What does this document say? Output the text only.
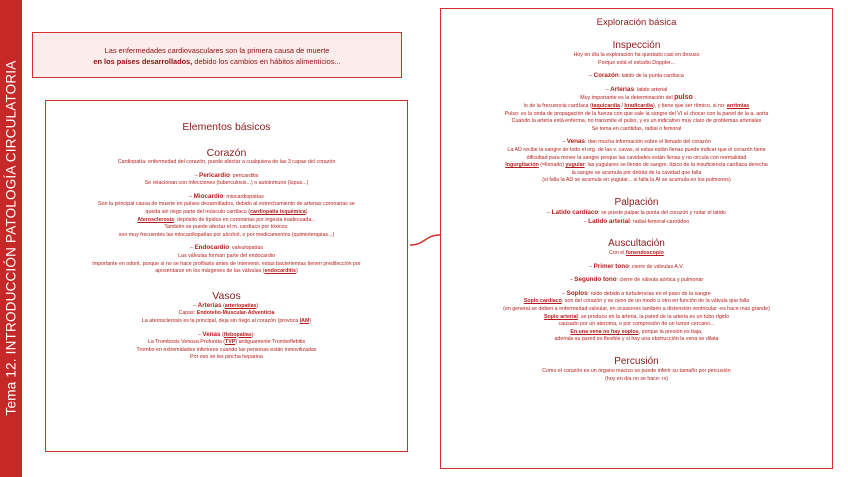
Tema 12. INTRODUCCIÓN PATOLOGÍA CIRCULATORIA
Las enfermedades cardiovasculares son la primera causa de muerte
en los países desarrollados, debido los cambios en hábitos alimenticios...
Elementos básicos
Corazón
Cardiopatía: enfermedad del corazón, puede afectar a cualquiera de las 3 capas del corazón
– Pericardio: pericarditis
Se relacionan con infecciones (tuberculosis...) o autoinmune (lupus...)
– Miocardio: miocardiopatías
Son la principal causa de muerte en países desarrollados, debido al estrechamiento de arterias coronarias se
queda sin riego parte del músculo cardíaco (cardiopatía isquémica)
Aterosclerosis: depósito de lípidos en coronarias por ingesta inadecuada...
También se puede afectar el m. cardíaco por tóxicos:
son muy frecuentes las miocardiopatías por alcohol, o por medicamentos (quimioterapias...)
– Endocardio: valvulopatías
Las válvulas forman parte del endocardio
Importante en odont. porque si no se hace profilaxis antes de intervenir, estas bacteriemias tienen predilección por
aposentarse en los márgenes de las válvulas (endocarditis)
Vasos
– Arterias (arteriopatías):
Capas: Endotelio-Muscular-Adventicia
La aterosclerosis es la principal, deja sin riego al corazón (provoca IAM)
– Venas (flebopatías):
La Trombosis Venosa Profunda (TVP) antiguamente Tromboflebitis
Trombo en extremidades inferiores cuando las personas están inmovilizadas
Por eso se les pincha heparina
Exploración básica
Inspección
Hoy en día la exploración ha quedado casi en desuso
Porque está el estudio Doppler...
– Corazón: latido de la punta cardíaca
– Arterias: latido arterial
Muy importante es la determinación del pulso
lo de la frecuencia cardíaca (taquicardia / bradicardia), y tiene que ser rítmico, si no: arritmias
Pulso: es la onda de propagación de la fuerza con que sale la sangre del VI al chocar con la pared de la a. aorta
Cuando la arteria está enferma, no transmite el pulso, y es un indicativo muy claro de problemas arteriales
Se toma en carótidas, radial o femoral
– Venas: dan mucha información sobre el llenado del corazón
La AD recibe la sangre de todo el org. de las v. cavas, si estas están llenas puede indicar que el corazón tiene
dificultad para mover la sangre porque las cavidades están llenas y no circula con normalidad
Ingurgitación (=llenado) yugular: las yugulares se llenan de sangre, típico de la insuficiencia cardíaca derecha
la sangre se acumula por detrás de la cavidad que falla
(si falla la AD se acumula en yugular... si falla la AI se acumula en los pulmones)
Palpación
– Latido cardíaco: se puede palpar la punta del corazón y notar el latido
– Latido arterial: radial-femoral-carotídeo
Auscultación
Con el fonendoscopio
– Primer tono: cierre de válvulas A.V.
– Segundo tono: cierre de válvula aórtica y pulmonar
– Soplos: ruido debido a turbulencias en el paso de la sangre
Soplo cardíaco: son del corazón y se oyen de un modo u otro en función de la válvula que falla
(en general se deben a enfermedad valvular, en ocasiones también a distensión ventricular -es hace mas grande)
Soplo arterial: se produce en la arteria, la pared de la arteria es un tubo rígido
causado por un ateroma, o por compresión de un tumor cercano...
En una vena no hay soplos, porque la presión es baja,
además su pared es flexible y si hay una obstrucción la vena se dilata
Percusión
Como el corazón es un órgano macizo se puede inferir su tamaño por percusión
(hoy en día no se hace: rx)
